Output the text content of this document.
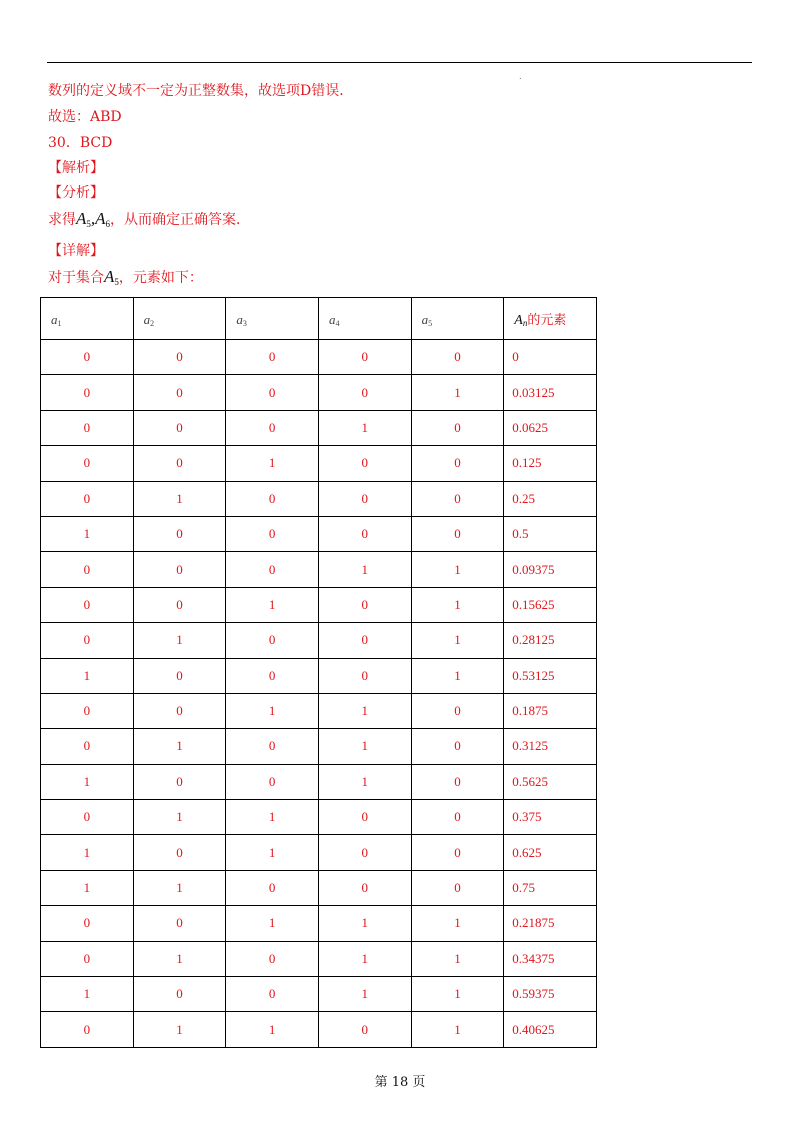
.
数列的定义域不一定为正整数集，故选项D错误．
故选：ABD
30．BCD
【解析】
【分析】
求得$A_5,A_6$，从而确定正确答案．
【详解】
对于集合$A_5$，元素如下：
$a_1$	$a_2$	$a_3$	$a_4$	$a_5$	$A_n$的元素
0	0	0	0	0	0
0	0	0	0	1	0.03125
0	0	0	1	0	0.0625
0	0	1	0	0	0.125
0	1	0	0	0	0.25
1	0	0	0	0	0.5
0	0	0	1	1	0.09375
0	0	1	0	1	0.15625
0	1	0	0	1	0.28125
1	0	0	0	1	0.53125
0	0	1	1	0	0.1875
0	1	0	1	0	0.3125
1	0	0	1	0	0.5625
0	1	1	0	0	0.375
1	0	1	0	0	0.625
1	1	0	0	0	0.75
0	0	1	1	1	0.21875
0	1	0	1	1	0.34375
1	0	0	1	1	0.59375
0	1	1	0	1	0.40625
第 18 页
